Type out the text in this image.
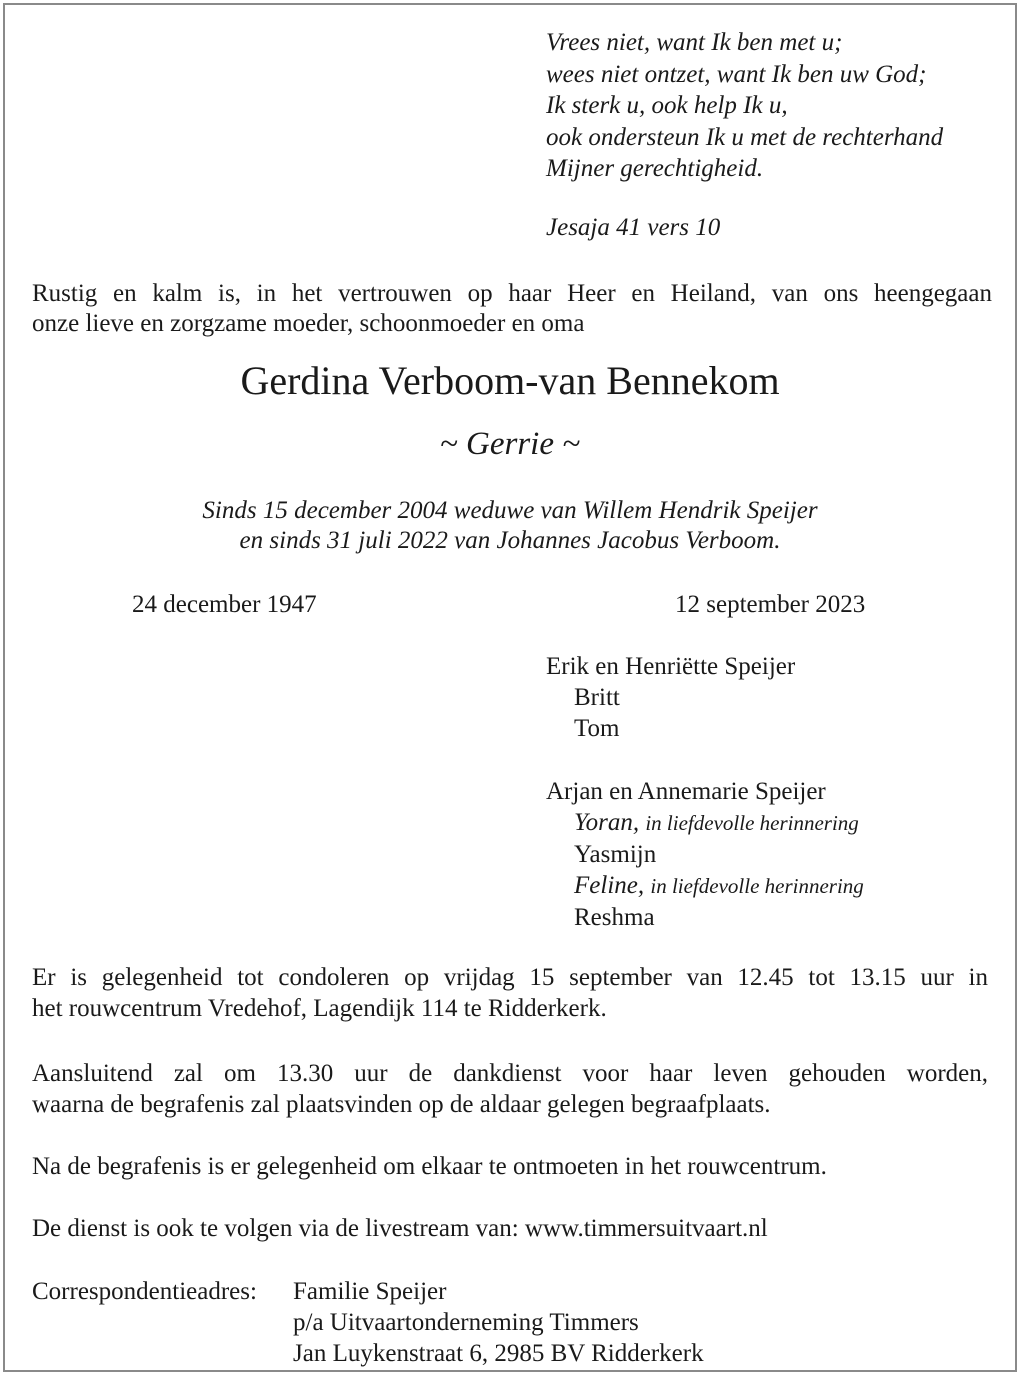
Vrees niet, want Ik ben met u;
wees niet ontzet, want Ik ben uw God;
Ik sterk u, ook help Ik u,
ook ondersteun Ik u met de rechterhand
Mijner gerechtigheid.
Jesaja 41 vers 10
Rustig en kalm is, in het vertrouwen op haar Heer en Heiland, van ons heengegaan
onze lieve en zorgzame moeder, schoonmoeder en oma
Gerdina Verboom-van Bennekom
~ Gerrie ~
Sinds 15 december 2004 weduwe van Willem Hendrik Speijer
en sinds 31 juli 2022 van Johannes Jacobus Verboom.
24 december 1947	12 september 2023
Erik en Henriëtte Speijer
Britt
Tom
Arjan en Annemarie Speijer
Yoran, in liefdevolle herinnering
Yasmijn
Feline, in liefdevolle herinnering
Reshma
Er is gelegenheid tot condoleren op vrijdag 15 september van 12.45 tot 13.15 uur in
het rouwcentrum Vredehof, Lagendijk 114 te Ridderkerk.
Aansluitend zal om 13.30 uur de dankdienst voor haar leven gehouden worden,
waarna de begrafenis zal plaatsvinden op de aldaar gelegen begraafplaats.
Na de begrafenis is er gelegenheid om elkaar te ontmoeten in het rouwcentrum.
De dienst is ook te volgen via de livestream van: www.timmersuitvaart.nl
Correspondentieadres: Familie Speijer
p/a Uitvaartonderneming Timmers
Jan Luykenstraat 6, 2985 BV Ridderkerk
